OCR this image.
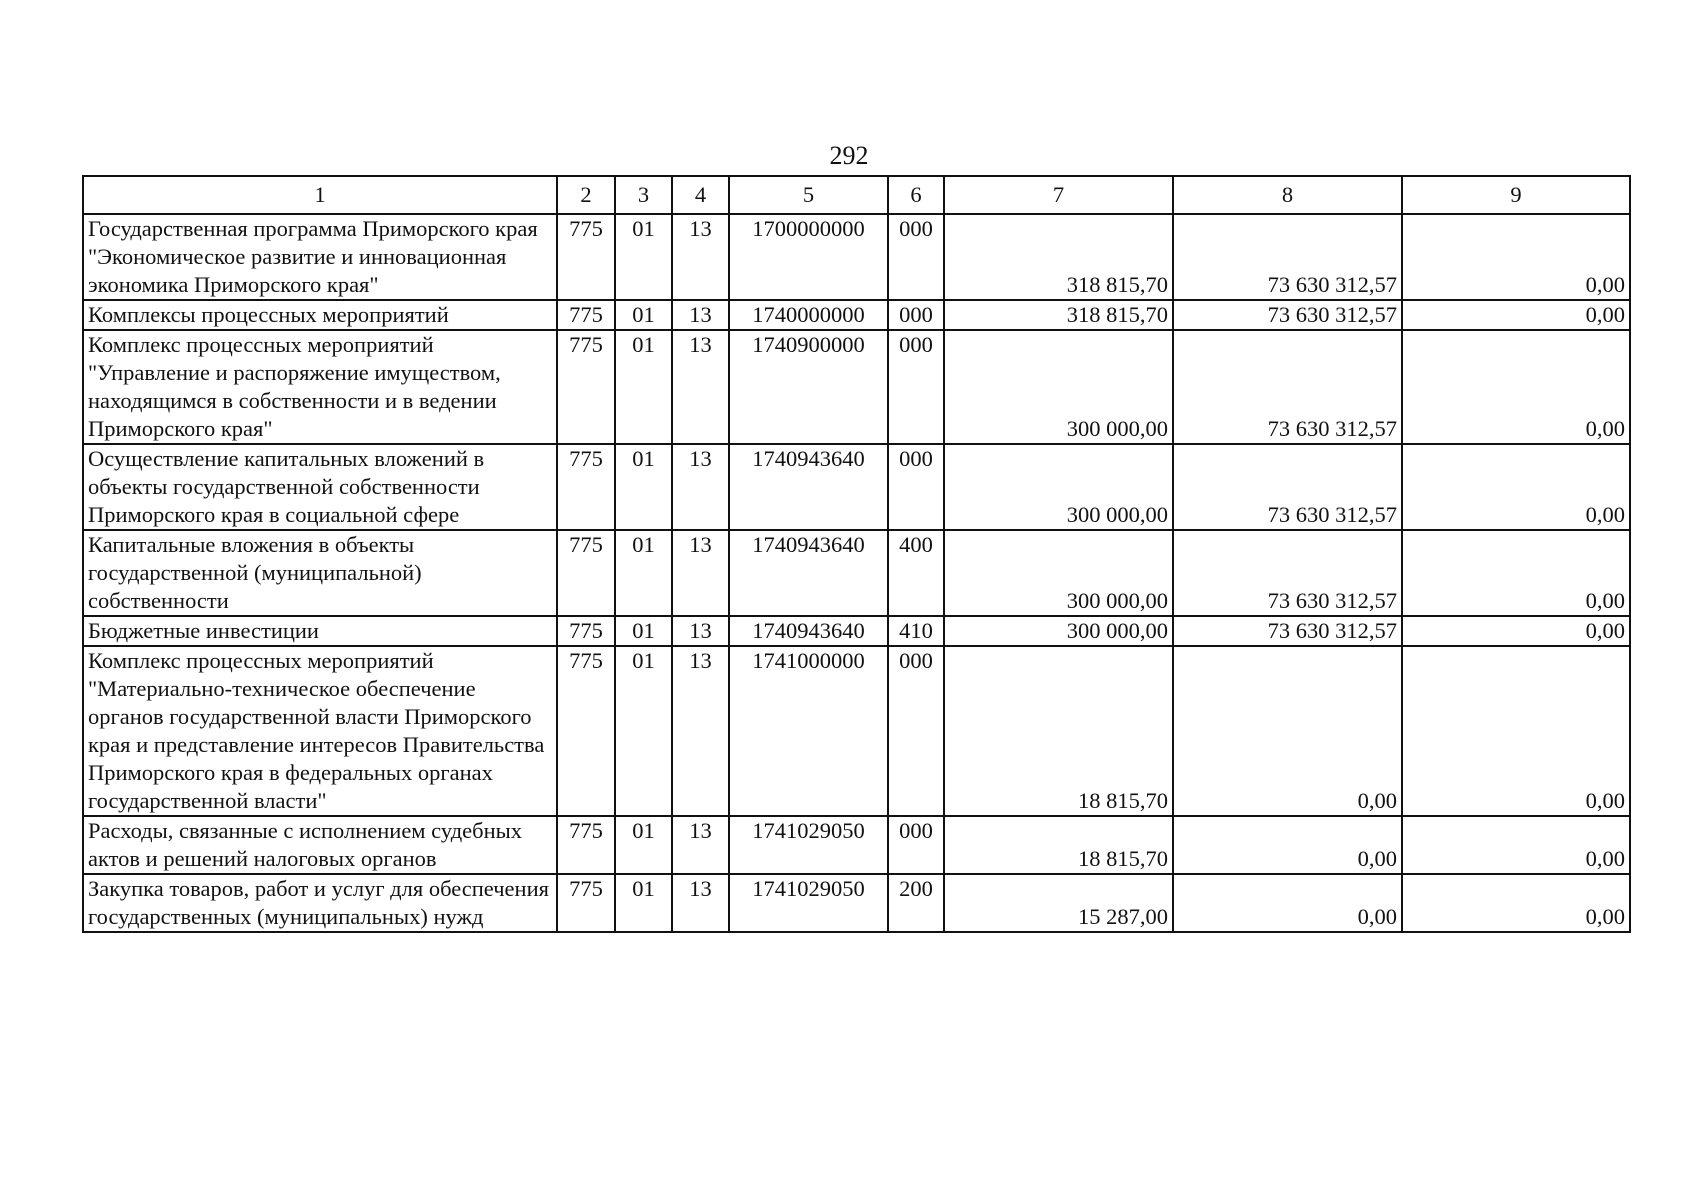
292
1	2	3	4	5	6	7	8	9
Государственная программа Приморского края "Экономическое развитие и инновационная экономика Приморского края"	775	01	13	1700000000	000	318 815,70	73 630 312,57	0,00
Комплексы процессных мероприятий	775	01	13	1740000000	000	318 815,70	73 630 312,57	0,00
Комплекс процессных мероприятий "Управление и распоряжение имуществом, находящимся в собственности и в ведении Приморского края"	775	01	13	1740900000	000	300 000,00	73 630 312,57	0,00
Осуществление капитальных вложений в объекты государственной собственности Приморского края в социальной сфере	775	01	13	1740943640	000	300 000,00	73 630 312,57	0,00
Капитальные вложения в объекты государственной (муниципальной) собственности	775	01	13	1740943640	400	300 000,00	73 630 312,57	0,00
Бюджетные инвестиции	775	01	13	1740943640	410	300 000,00	73 630 312,57	0,00
Комплекс процессных мероприятий "Материально-техническое обеспечение органов государственной власти Приморского края и представление интересов Правительства Приморского края в федеральных органах государственной власти"	775	01	13	1741000000	000	18 815,70	0,00	0,00
Расходы, связанные с исполнением судебных актов и решений налоговых органов	775	01	13	1741029050	000	18 815,70	0,00	0,00
Закупка товаров, работ и услуг для обеспечения государственных (муниципальных) нужд	775	01	13	1741029050	200	15 287,00	0,00	0,00
